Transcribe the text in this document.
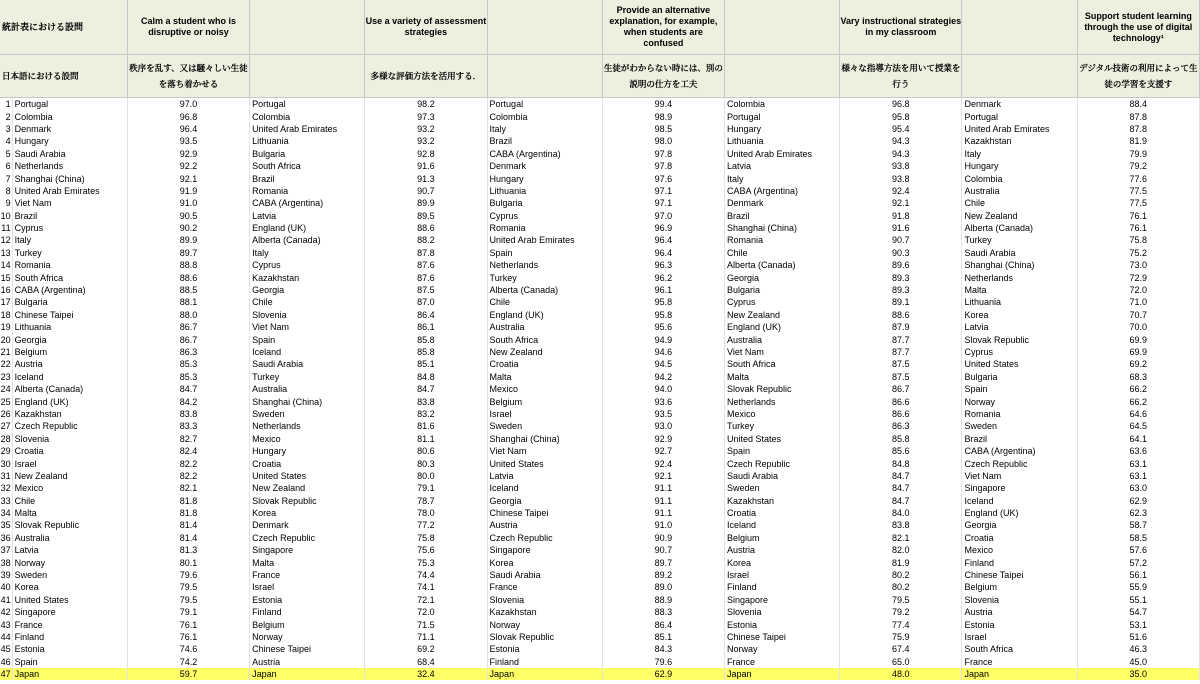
統計表における設問		Calm a student who is disruptive or noisy		Use a variety of assessment strategies		Provide an alternative explanation, for example, when students are confused		Vary instructional strategies in my classroom		Support student learning through the use of digital technology¹
日本語における設問		秩序を乱す、又は騒々しい生徒を落ち着かせる		多様な評価方法を活用する．		生徒がわからない時には、別の説明の仕方を工夫		様々な指導方法を用いて授業を行う		デジタル技術の利用によって生徒の学習を支援す
1	Portugal	97.0	Portugal	98.2	Portugal	99.4	Colombia	96.8	Denmark	88.4
2	Colombia	96.8	Colombia	97.3	Colombia	98.9	Portugal	95.8	Portugal	87.8
3	Denmark	96.4	United Arab Emirates	93.2	Italy	98.5	Hungary	95.4	United Arab Emirates	87.8
4	Hungary	93.5	Lithuania	93.2	Brazil	98.0	Lithuania	94.3	Kazakhstan	81.9
5	Saudi Arabia	92.9	Bulgaria	92.8	CABA (Argentina)	97.8	United Arab Emirates	94.3	Italy	79.9
6	Netherlands	92.2	South Africa	91.6	Denmark	97.8	Latvia	93.8	Hungary	79.2
7	Shanghai (China)	92.1	Brazil	91.3	Hungary	97.6	Italy	93.8	Colombia	77.6
8	United Arab Emirates	91.9	Romania	90.7	Lithuania	97.1	CABA (Argentina)	92.4	Australia	77.5
9	Viet Nam	91.0	CABA (Argentina)	89.9	Bulgaria	97.1	Denmark	92.1	Chile	77.5
10	Brazil	90.5	Latvia	89.5	Cyprus	97.0	Brazil	91.8	New Zealand	76.1
11	Cyprus	90.2	England (UK)	88.6	Romania	96.9	Shanghai (China)	91.6	Alberta (Canada)	76.1
12	Italy	89.9	Alberta (Canada)	88.2	United Arab Emirates	96.4	Romania	90.7	Turkey	75.8
13	Turkey	89.7	Italy	87.8	Spain	96.4	Chile	90.3	Saudi Arabia	75.2
14	Romania	88.8	Cyprus	87.6	Netherlands	96.3	Alberta (Canada)	89.6	Shanghai (China)	73.0
15	South Africa	88.6	Kazakhstan	87.6	Turkey	96.2	Georgia	89.3	Netherlands	72.9
16	CABA (Argentina)	88.5	Georgia	87.5	Alberta (Canada)	96.1	Bulgaria	89.3	Malta	72.0
17	Bulgaria	88.1	Chile	87.0	Chile	95.8	Cyprus	89.1	Lithuania	71.0
18	Chinese Taipei	88.0	Slovenia	86.4	England (UK)	95.8	New Zealand	88.6	Korea	70.7
19	Lithuania	86.7	Viet Nam	86.1	Australia	95.6	England (UK)	87.9	Latvia	70.0
20	Georgia	86.7	Spain	85.8	South Africa	94.9	Australia	87.7	Slovak Republic	69.9
21	Belgium	86.3	Iceland	85.8	New Zealand	94.6	Viet Nam	87.7	Cyprus	69.9
22	Austria	85.3	Saudi Arabia	85.1	Croatia	94.5	South Africa	87.5	United States	69.2
23	Iceland	85.3	Turkey	84.8	Malta	94.2	Malta	87.5	Bulgaria	68.3
24	Alberta (Canada)	84.7	Australia	84.7	Mexico	94.0	Slovak Republic	86.7	Spain	66.2
25	England (UK)	84.2	Shanghai (China)	83.8	Belgium	93.6	Netherlands	86.6	Norway	66.2
26	Kazakhstan	83.8	Sweden	83.2	Israel	93.5	Mexico	86.6	Romania	64.6
27	Czech Republic	83.3	Netherlands	81.6	Sweden	93.0	Turkey	86.3	Sweden	64.5
28	Slovenia	82.7	Mexico	81.1	Shanghai (China)	92.9	United States	85.8	Brazil	64.1
29	Croatia	82.4	Hungary	80.6	Viet Nam	92.7	Spain	85.6	CABA (Argentina)	63.6
30	Israel	82.2	Croatia	80.3	United States	92.4	Czech Republic	84.8	Czech Republic	63.1
31	New Zealand	82.2	United States	80.0	Latvia	92.1	Saudi Arabia	84.7	Viet Nam	63.1
32	Mexico	82.1	New Zealand	79.1	Iceland	91.1	Sweden	84.7	Singapore	63.0
33	Chile	81.8	Slovak Republic	78.7	Georgia	91.1	Kazakhstan	84.7	Iceland	62.9
34	Malta	81.8	Korea	78.0	Chinese Taipei	91.1	Croatia	84.0	England (UK)	62.3
35	Slovak Republic	81.4	Denmark	77.2	Austria	91.0	Iceland	83.8	Georgia	58.7
36	Australia	81.4	Czech Republic	75.8	Czech Republic	90.9	Belgium	82.1	Croatia	58.5
37	Latvia	81.3	Singapore	75.6	Singapore	90.7	Austria	82.0	Mexico	57.6
38	Norway	80.1	Malta	75.3	Korea	89.7	Korea	81.9	Finland	57.2
39	Sweden	79.6	France	74.4	Saudi Arabia	89.2	Israel	80.2	Chinese Taipei	56.1
40	Korea	79.5	Israel	74.1	France	89.0	Finland	80.2	Belgium	55.9
41	United States	79.5	Estonia	72.1	Slovenia	88.9	Singapore	79.5	Slovenia	55.1
42	Singapore	79.1	Finland	72.0	Kazakhstan	88.3	Slovenia	79.2	Austria	54.7
43	France	76.1	Belgium	71.5	Norway	86.4	Estonia	77.4	Estonia	53.1
44	Finland	76.1	Norway	71.1	Slovak Republic	85.1	Chinese Taipei	75.9	Israel	51.6
45	Estonia	74.6	Chinese Taipei	69.2	Estonia	84.3	Norway	67.4	South Africa	46.3
46	Spain	74.2	Austria	68.4	Finland	79.6	France	65.0	France	45.0
47	Japan	59.7	Japan	32.4	Japan	62.9	Japan	48.0	Japan	35.0
